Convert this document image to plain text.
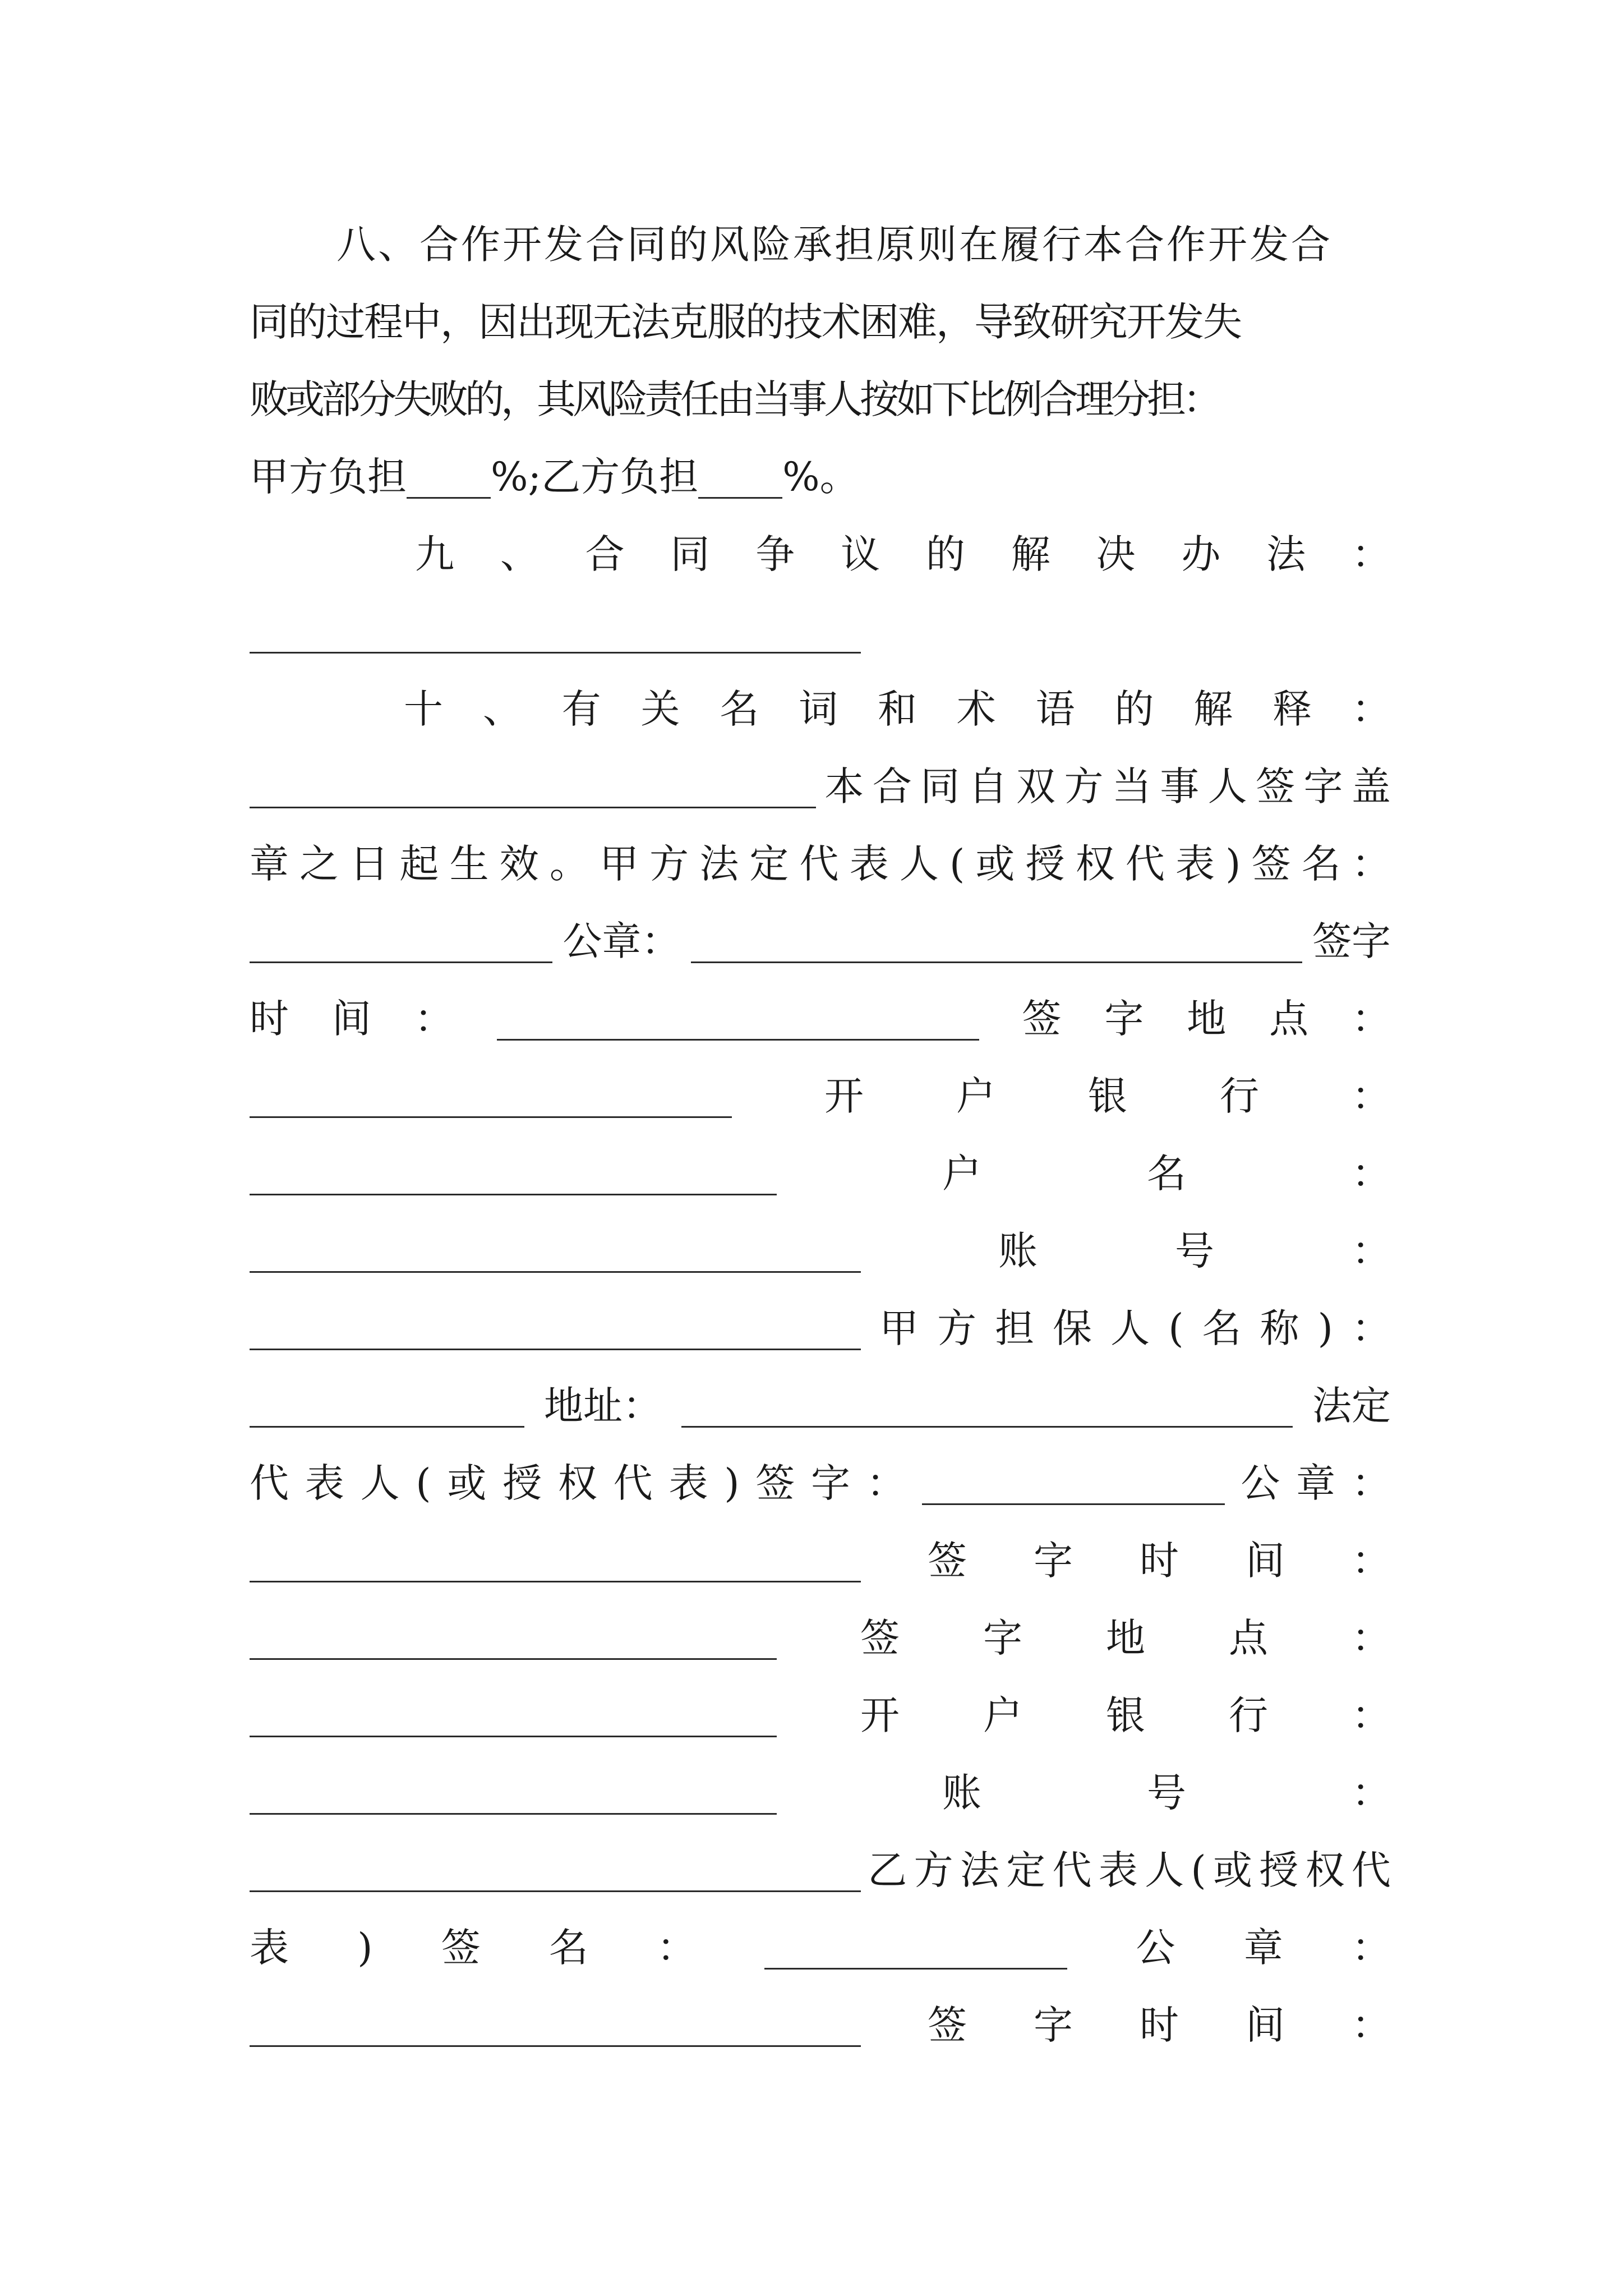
八、合作开发合同的风险承担原则在履行本合作开发合
同的过程中，因出现无法克服的技术困难，导致研究开发失
败或部分失败的，其风险责任由当事人按如下比例合理分担：
甲方负担 %;乙方负担 %。
九 、 合 同 争 议 的 解 决 办 法 ：
十 、 有 关 名 词 和 术 语 的 解 释 ：
本 合 同 自 双 方 当 事 人 签 字 盖
章 之 日 起 生 效 。 甲 方 法 定 代 表 人 ( 或 授 权 代 表 ) 签 名 ：
公章：	签字
时 间 ：	签 字 地 点 ：
开 户 银 行 ：
户	名	：
账	号	：
甲 方 担 保 人 ( 名 称 ) ：
地址：	法定
代 表 人 ( 或 授 权 代 表 ) 签 字 ：	公 章 ：
签 字 时 间 ：
签 字 地 点 ：
开 户 银 行 ：
账	号	：
乙 方 法 定 代 表 人 ( 或 授 权 代
表 ) 签 名 ：	公 章 ：
签 字 时 间 ：
